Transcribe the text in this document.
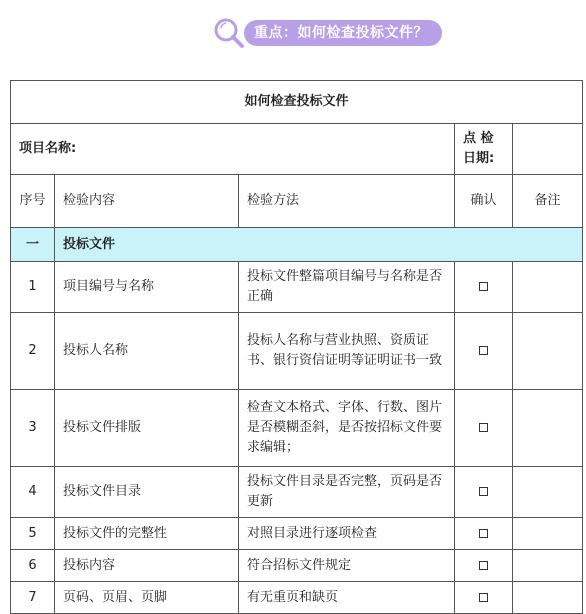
重点：如何检查投标文件？
如何检查投标文件				
项目名称:			点 检日期:	
序号	检验内容	检验方法	确认	备注
一	投标文件			
1	项目编号与名称	投标文件整篇项目编号与名称是否正确		
2	投标人名称	投标人名称与营业执照、资质证书、银行资信证明等证明证书一致		
3	投标文件排版	检查文本格式、字体、行数、图片是否模糊歪斜，是否按招标文件要求编辑；		
4	投标文件目录	投标文件目录是否完整，页码是否更新		
5	投标文件的完整性	对照目录进行逐项检查		
6	投标内容	符合招标文件规定		
7	页码、页眉、页脚	有无重页和缺页		
